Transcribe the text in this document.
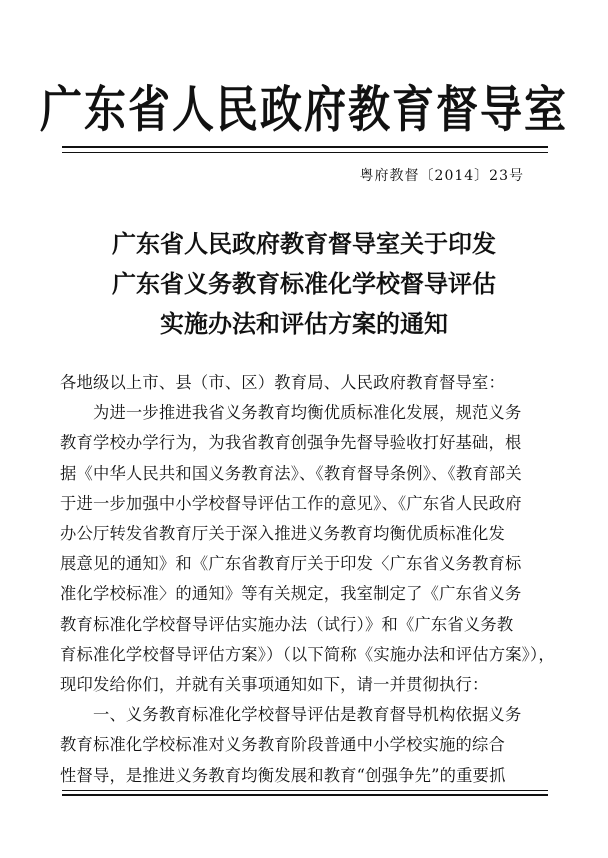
广东省人民政府教育督导室
粤府教督〔2014〕23号
广东省人民政府教育督导室关于印发
广东省义务教育标准化学校督导评估
实施办法和评估方案的通知
各地级以上市、县（市、区）教育局、人民政府教育督导室：
　　为进一步推进我省义务教育均衡优质标准化发展，规范义务
教育学校办学行为，为我省教育创强争先督导验收打好基础，根
据《中华人民共和国义务教育法》、《教育督导条例》、《教育部关
于进一步加强中小学校督导评估工作的意见》、《广东省人民政府
办公厅转发省教育厅关于深入推进义务教育均衡优质标准化发
展意见的通知》和《广东省教育厅关于印发〈广东省义务教育标
准化学校标准〉的通知》等有关规定，我室制定了《广东省义务
教育标准化学校督导评估实施办法（试行）》和《广东省义务教
育标准化学校督导评估方案》）（以下简称《实施办法和评估方案》），
现印发给你们，并就有关事项通知如下，请一并贯彻执行：
　　一、义务教育标准化学校督导评估是教育督导机构依据义务
教育标准化学校标准对义务教育阶段普通中小学校实施的综合
性督导，是推进义务教育均衡发展和教育“创强争先”的重要抓
